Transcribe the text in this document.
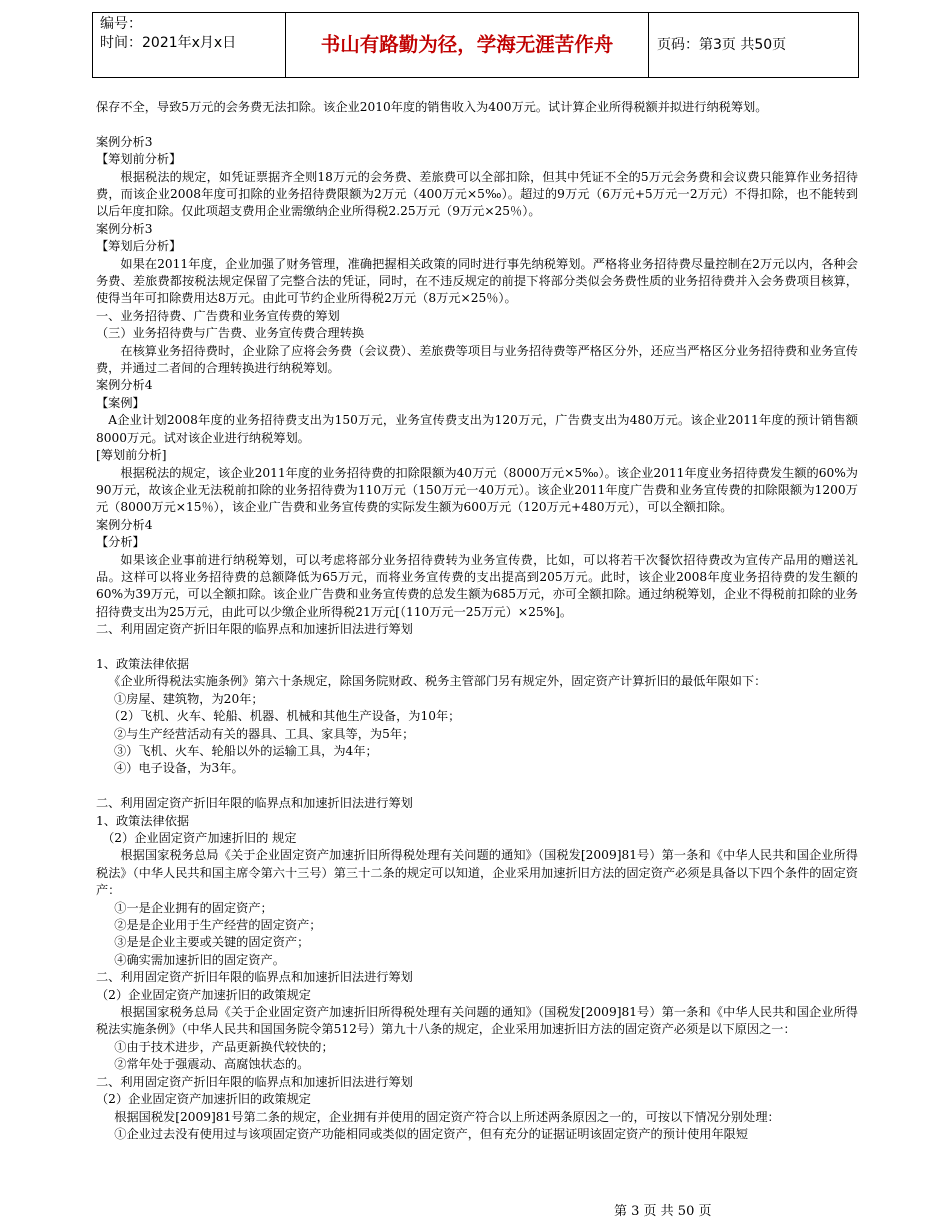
编号：
时间：2021年x月x日	书山有路勤为径，学海无涯苦作舟	页码：第3页 共50页

保存不全，导致5万元的会务费无法扣除。该企业2010年度的销售收入为400万元。试计算企业所得税额并拟进行纳税筹划。

案例分析3

【筹划前分析】

根据税法的规定，如凭证票据齐全则18万元的会务费、差旅费可以全部扣除，但其中凭证不全的5万元会务费和会议费只能算作业务招待费，而该企业2008年度可扣除的业务招待费限额为2万元（400万元×5‰）。超过的9万元（6万元+5万元一2万元）不得扣除，也不能转到以后年度扣除。仅此项超支费用企业需缴纳企业所得税2.25万元（9万元×25％）。

案例分析3

【筹划后分析】

如果在2011年度，企业加强了财务管理，准确把握相关政策的同时进行事先纳税筹划。严格将业务招待费尽量控制在2万元以内，各种会务费、差旅费都按税法规定保留了完整合法的凭证，同时，在不违反规定的前提下将部分类似会务费性质的业务招待费并入会务费项目核算，使得当年可扣除费用达8万元。由此可节约企业所得税2万元（8万元×25％）。

一、业务招待费、广告费和业务宣传费的筹划

（三）业务招待费与广告费、业务宣传费合理转换

在核算业务招待费时，企业除了应将会务费（会议费）、差旅费等项目与业务招待费等严格区分外，还应当严格区分业务招待费和业务宣传费，并通过二者间的合理转换进行纳税筹划。

案例分析4

【案例】

A企业计划2008年度的业务招待费支出为150万元，业务宣传费支出为120万元，广告费支出为480万元。该企业2011年度的预计销售额8000万元。试对该企业进行纳税筹划。

[筹划前分析]

根据税法的规定，该企业2011年度的业务招待费的扣除限额为40万元（8000万元×5‰）。该企业2011年度业务招待费发生额的60%为90万元，故该企业无法税前扣除的业务招待费为110万元（150万元一40万元）。该企业2011年度广告费和业务宣传费的扣除限额为1200万元（8000万元×15％），该企业广告费和业务宣传费的实际发生额为600万元（120万元+480万元），可以全额扣除。

案例分析4

【分析】

如果该企业事前进行纳税筹划，可以考虑将部分业务招待费转为业务宣传费，比如，可以将若干次餐饮招待费改为宣传产品用的赠送礼品。这样可以将业务招待费的总额降低为65万元，而将业务宣传费的支出提高到205万元。此时，该企业2008年度业务招待费的发生额的60%为39万元，可以全额扣除。该企业广告费和业务宣传费的总发生额为685万元，亦可全额扣除。通过纳税筹划，企业不得税前扣除的业务招待费支出为25万元，由此可以少缴企业所得税21万元[（110万元一25万元）×25%]。

二、利用固定资产折旧年限的临界点和加速折旧法进行筹划

1、政策法律依据

《企业所得税法实施条例》第六十条规定，除国务院财政、税务主管部门另有规定外，固定资产计算折旧的最低年限如下：

①房屋、建筑物，为20年；

（2）飞机、火车、轮船、机器、机械和其他生产设备，为10年；

②与生产经营活动有关的器具、工具、家具等，为5年；

③）飞机、火车、轮船以外的运输工具，为4年；

④）电子设备，为3年。

二、利用固定资产折旧年限的临界点和加速折旧法进行筹划

1、政策法律依据

（2）企业固定资产加速折旧的 规定

根据国家税务总局《关于企业固定资产加速折旧所得税处理有关问题的通知》（国税发[2009]81号）第一条和《中华人民共和国企业所得税法》（中华人民共和国主席令第六十三号）第三十二条的规定可以知道，企业采用加速折旧方法的固定资产必须是具备以下四个条件的固定资产：

①一是企业拥有的固定资产；

②是是企业用于生产经营的固定资产；

③是是企业主要或关键的固定资产；

④确实需加速折旧的固定资产。

二、利用固定资产折旧年限的临界点和加速折旧法进行筹划

（2）企业固定资产加速折旧的政策规定

根据国家税务总局《关于企业固定资产加速折旧所得税处理有关问题的通知》（国税发[2009]81号）第一条和《中华人民共和国企业所得税法实施条例》（中华人民共和国国务院令第512号）第九十八条的规定，企业采用加速折旧方法的固定资产必须是以下原因之一：

①由于技术进步，产品更新换代较快的；

②常年处于强震动、高腐蚀状态的。

二、利用固定资产折旧年限的临界点和加速折旧法进行筹划

（2）企业固定资产加速折旧的政策规定

根据国税发[2009]81号第二条的规定，企业拥有并使用的固定资产符合以上所述两条原因之一的，可按以下情况分别处理：

①企业过去没有使用过与该项固定资产功能相同或类似的固定资产，但有充分的证据证明该固定资产的预计使用年限短

第 3 页 共 50 页
